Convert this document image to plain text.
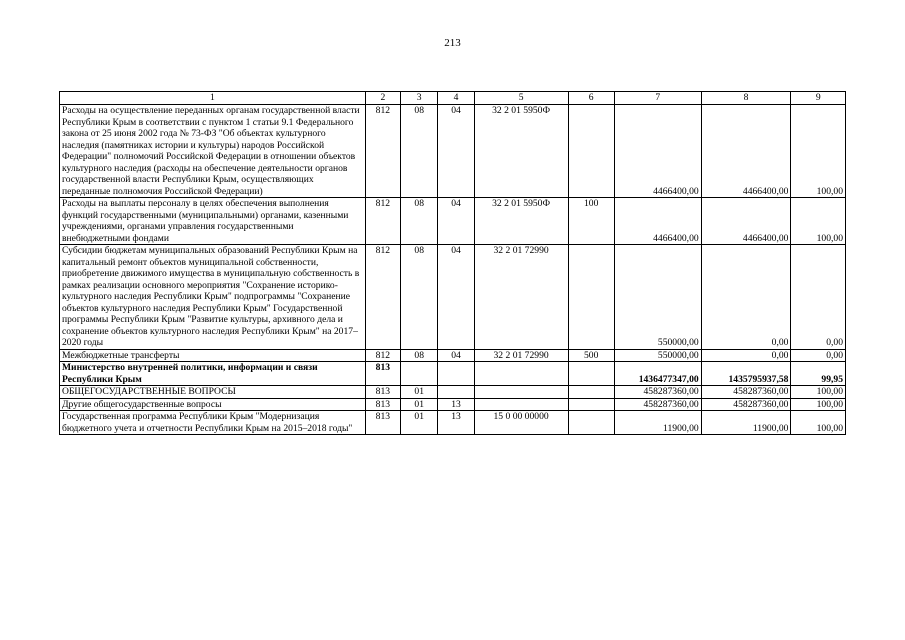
213
1	2	3	4	5	6	7	8	9
Расходы на осуществление переданных органам государственной власти Республики Крым в соответствии с пунктом 1 статьи 9.1 Федерального закона от 25 июня 2002 года № 73-ФЗ "Об объектах культурного наследия (памятниках истории и культуры) народов Российской Федерации" полномочий Российской Федерации в отношении объектов культурного наследия (расходы на обеспечение деятельности органов государственной власти Республики Крым, осуществляющих переданные полномочия Российской Федерации)	812	08	04	32 2 01 5950Ф		4466400,00	4466400,00	100,00
Расходы на выплаты персоналу в целях обеспечения выполнения функций государственными (муниципальными) органами, казенными учреждениями, органами управления государственными внебюджетными фондами	812	08	04	32 2 01 5950Ф	100	4466400,00	4466400,00	100,00
Субсидии бюджетам муниципальных образований Республики Крым на капитальный ремонт объектов муниципальной собственности, приобретение движимого имущества в муниципальную собственность в рамках реализации основного мероприятия "Сохранение историко-культурного наследия Республики Крым" подпрограммы "Сохранение объектов культурного наследия Республики Крым" Государственной программы Республики Крым "Развитие культуры, архивного дела и сохранение объектов культурного наследия Республики Крым" на 2017–2020 годы	812	08	04	32 2 01 72990		550000,00	0,00	0,00
Межбюджетные трансферты	812	08	04	32 2 01 72990	500	550000,00	0,00	0,00
Министерство внутренней политики, информации и связи Республики Крым	813					1436477347,00	1435795937,58	99,95
ОБЩЕГОСУДАРСТВЕННЫЕ ВОПРОСЫ	813	01				458287360,00	458287360,00	100,00
Другие общегосударственные вопросы	813	01	13			458287360,00	458287360,00	100,00
Государственная программа Республики Крым "Модернизация бюджетного учета и отчетности Республики Крым на 2015–2018 годы"	813	01	13	15 0 00 00000		11900,00	11900,00	100,00
